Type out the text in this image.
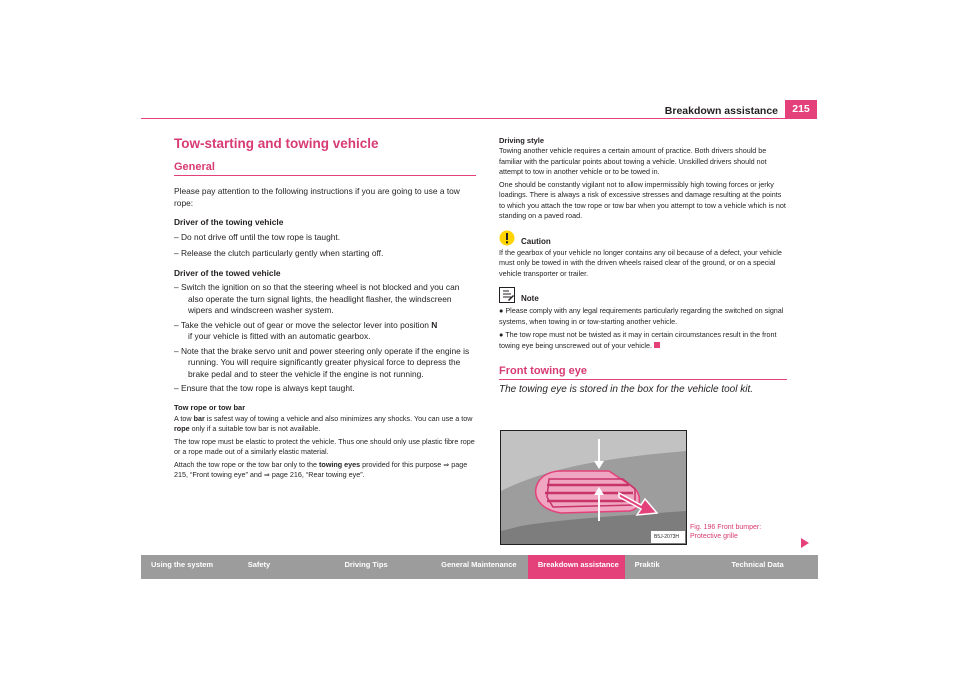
Breakdown assistance	215
Tow-starting and towing vehicle
General
Please pay attention to the following instructions if you are going to use a tow rope:
Driver of the towing vehicle
– Do not drive off until the tow rope is taught.
– Release the clutch particularly gently when starting off.
Driver of the towed vehicle
– Switch the ignition on so that the steering wheel is not blocked and you can also operate the turn signal lights, the headlight flasher, the windscreen wipers and windscreen washer system.
– Take the vehicle out of gear or move the selector lever into position N
if your vehicle is fitted with an automatic gearbox.
– Note that the brake servo unit and power steering only operate if the engine is running. You will require significantly greater physical force to depress the brake pedal and to steer the vehicle if the engine is not running.
– Ensure that the tow rope is always kept taught.
Tow rope or tow bar
A tow bar is safest way of towing a vehicle and also minimizes any shocks. You can use a tow rope only if a suitable tow bar is not available.
The tow rope must be elastic to protect the vehicle. Thus one should only use plastic fibre rope or a rope made out of a similarly elastic material.
Attach the tow rope or the tow bar only to the towing eyes provided for this purpose ⇒ page 215, “Front towing eye” and ⇒ page 216, “Rear towing eye”.
Driving style
Towing another vehicle requires a certain amount of practice. Both drivers should be familiar with the particular points about towing a vehicle. Unskilled drivers should not attempt to tow in another vehicle or to be towed in.
One should be constantly vigilant not to allow impermissibly high towing forces or jerky loadings. There is always a risk of excessive stresses and damage resulting at the points to which you attach the tow rope or tow bar when you attempt to tow a vehicle which is not standing on a paved road.
Caution
If the gearbox of your vehicle no longer contains any oil because of a defect, your vehicle must only be towed in with the driven wheels raised clear of the ground, or on a special vehicle transporter or trailer.
Note
● Please comply with any legal requirements particularly regarding the switched on signal systems, when towing in or tow-starting another vehicle.
● The tow rope must not be twisted as it may in certain circumstances result in the front towing eye being unscrewed out of your vehicle.
Front towing eye
The towing eye is stored in the box for the vehicle tool kit.
B5J-2073H
Fig. 196 Front bumper:
Protective grille
Using the system	Safety	Driving Tips	General Maintenance	Breakdown assistance	Praktik	Technical Data
